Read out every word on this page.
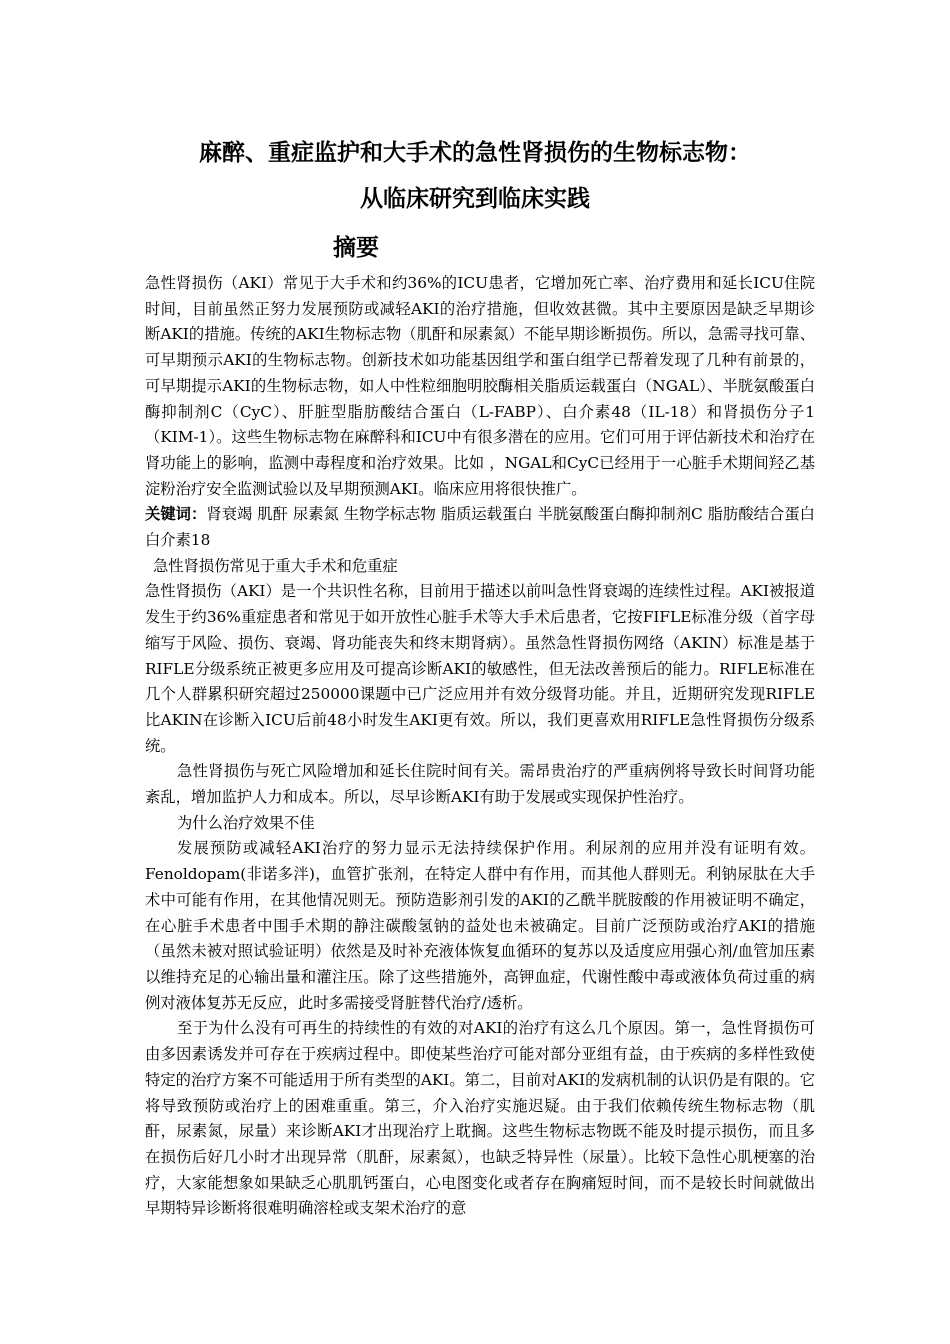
麻醉、重症监护和大手术的急性肾损伤的生物标志物：
从临床研究到临床实践
摘要

急性肾损伤（AKI）常见于大手术和约36%的ICU患者，它增加死亡率、治疗费用和延长ICU住院时间，目前虽然正努力发展预防或减轻AKI的治疗措施，但收效甚微。其中主要原因是缺乏早期诊断AKI的措施。传统的AKI生物标志物（肌酐和尿素氮）不能早期诊断损伤。所以，急需寻找可靠、可早期预示AKI的生物标志物。创新技术如功能基因组学和蛋白组学已帮着发现了几种有前景的，可早期提示AKI的生物标志物，如人中性粒细胞明胶酶相关脂质运载蛋白（NGAL）、半胱氨酸蛋白酶抑制剂C（CyC）、肝脏型脂肪酸结合蛋白（L-FABP）、白介素48（IL-18）和肾损伤分子1（KIM-1）。这些生物标志物在麻醉科和ICU中有很多潜在的应用。它们可用于评估新技术和治疗在肾功能上的影响，监测中毒程度和治疗效果。比如 ，NGAL和CyC已经用于一心脏手术期间羟乙基淀粉治疗安全监测试验以及早期预测AKI。临床应用将很快推广。

关键词：肾衰竭 肌酐 尿素氮 生物学标志物 脂质运载蛋白 半胱氨酸蛋白酶抑制剂C 脂肪酸结合蛋白 白介素18

急性肾损伤常见于重大手术和危重症

急性肾损伤（AKI）是一个共识性名称，目前用于描述以前叫急性肾衰竭的连续性过程。AKI被报道发生于约36%重症患者和常见于如开放性心脏手术等大手术后患者，它按FIFLE标准分级（首字母缩写于风险、损伤、衰竭、肾功能丧失和终末期肾病）。虽然急性肾损伤网络（AKIN）标准是基于RIFLE分级系统正被更多应用及可提高诊断AKI的敏感性，但无法改善预后的能力。RIFLE标准在几个人群累积研究超过250000课题中已广泛应用并有效分级肾功能。并且，近期研究发现RIFLE比AKIN在诊断入ICU后前48小时发生AKI更有效。所以，我们更喜欢用RIFLE急性肾损伤分级系统。

急性肾损伤与死亡风险增加和延长住院时间有关。需昂贵治疗的严重病例将导致长时间肾功能紊乱，增加监护人力和成本。所以，尽早诊断AKI有助于发展或实现保护性治疗。

为什么治疗效果不佳

发展预防或减轻AKI治疗的努力显示无法持续保护作用。利尿剂的应用并没有证明有效。Fenoldopam(非诺多泮)，血管扩张剂，在特定人群中有作用，而其他人群则无。利钠尿肽在大手术中可能有作用，在其他情况则无。预防造影剂引发的AKI的乙酰半胱胺酸的作用被证明不确定，在心脏手术患者中围手术期的静注碳酸氢钠的益处也未被确定。目前广泛预防或治疗AKI的措施（虽然未被对照试验证明）依然是及时补充液体恢复血循环的复苏以及适度应用强心剂/血管加压素以维持充足的心输出量和灌注压。除了这些措施外，高钾血症，代谢性酸中毒或液体负荷过重的病例对液体复苏无反应，此时多需接受肾脏替代治疗/透析。

至于为什么没有可再生的持续性的有效的对AKI的治疗有这么几个原因。第一，急性肾损伤可由多因素诱发并可存在于疾病过程中。即使某些治疗可能对部分亚组有益，由于疾病的多样性致使特定的治疗方案不可能适用于所有类型的AKI。第二，目前对AKI的发病机制的认识仍是有限的。它将导致预防或治疗上的困难重重。第三，介入治疗实施迟疑。由于我们依赖传统生物标志物（肌酐，尿素氮，尿量）来诊断AKI才出现治疗上耽搁。这些生物标志物既不能及时提示损伤，而且多在损伤后好几小时才出现异常（肌酐，尿素氮），也缺乏特异性（尿量）。比较下急性心肌梗塞的治疗，大家能想象如果缺乏心肌肌钙蛋白，心电图变化或者存在胸痛短时间，而不是较长时间就做出早期特异诊断将很难明确溶栓或支架术治疗的意
